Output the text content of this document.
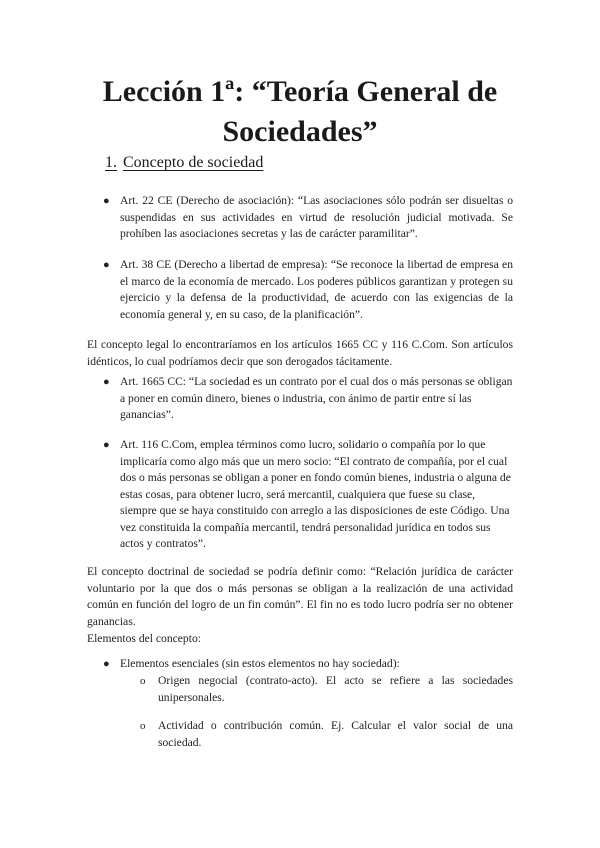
Lección 1ª: “Teoría General de Sociedades”
1. Concepto de sociedad
● Art. 22 CE (Derecho de asociación): “Las asociaciones sólo podrán ser disueltas o suspendidas en sus actividades en virtud de resolución judicial motivada. Se prohíben las asociaciones secretas y las de carácter paramilitar”.
● Art. 38 CE (Derecho a libertad de empresa): “Se reconoce la libertad de empresa en el marco de la economía de mercado. Los poderes públicos garantizan y protegen su ejercicio y la defensa de la productividad, de acuerdo con las exigencias de la economía general y, en su caso, de la planificación”.
El concepto legal lo encontraríamos en los artículos 1665 CC y 116 C.Com. Son artículos idénticos, lo cual podríamos decir que son derogados tácitamente.
● Art. 1665 CC: “La sociedad es un contrato por el cual dos o más personas se obligan a poner en común dinero, bienes o industria, con ánimo de partir entre sí las ganancias”.
● Art. 116 C.Com, emplea términos como lucro, solidario o compañía por lo que implicaría como algo más que un mero socio: “El contrato de compañía, por el cual dos o más personas se obligan a poner en fondo común bienes, industria o alguna de estas cosas, para obtener lucro, será mercantil, cualquiera que fuese su clase, siempre que se haya constituido con arreglo a las disposiciones de este Código. Una vez constituida la compañía mercantil, tendrá personalidad jurídica en todos sus actos y contratos”.
El concepto doctrinal de sociedad se podría definir como: “Relación jurídica de carácter voluntario por la que dos o más personas se obligan a la realización de una actividad común en función del logro de un fin común”. El fin no es todo lucro podría ser no obtener ganancias.
Elementos del concepto:
● Elementos esenciales (sin estos elementos no hay sociedad):
o Origen negocial (contrato-acto). El acto se refiere a las sociedades unipersonales.
o Actividad o contribución común. Ej. Calcular el valor social de una sociedad.
